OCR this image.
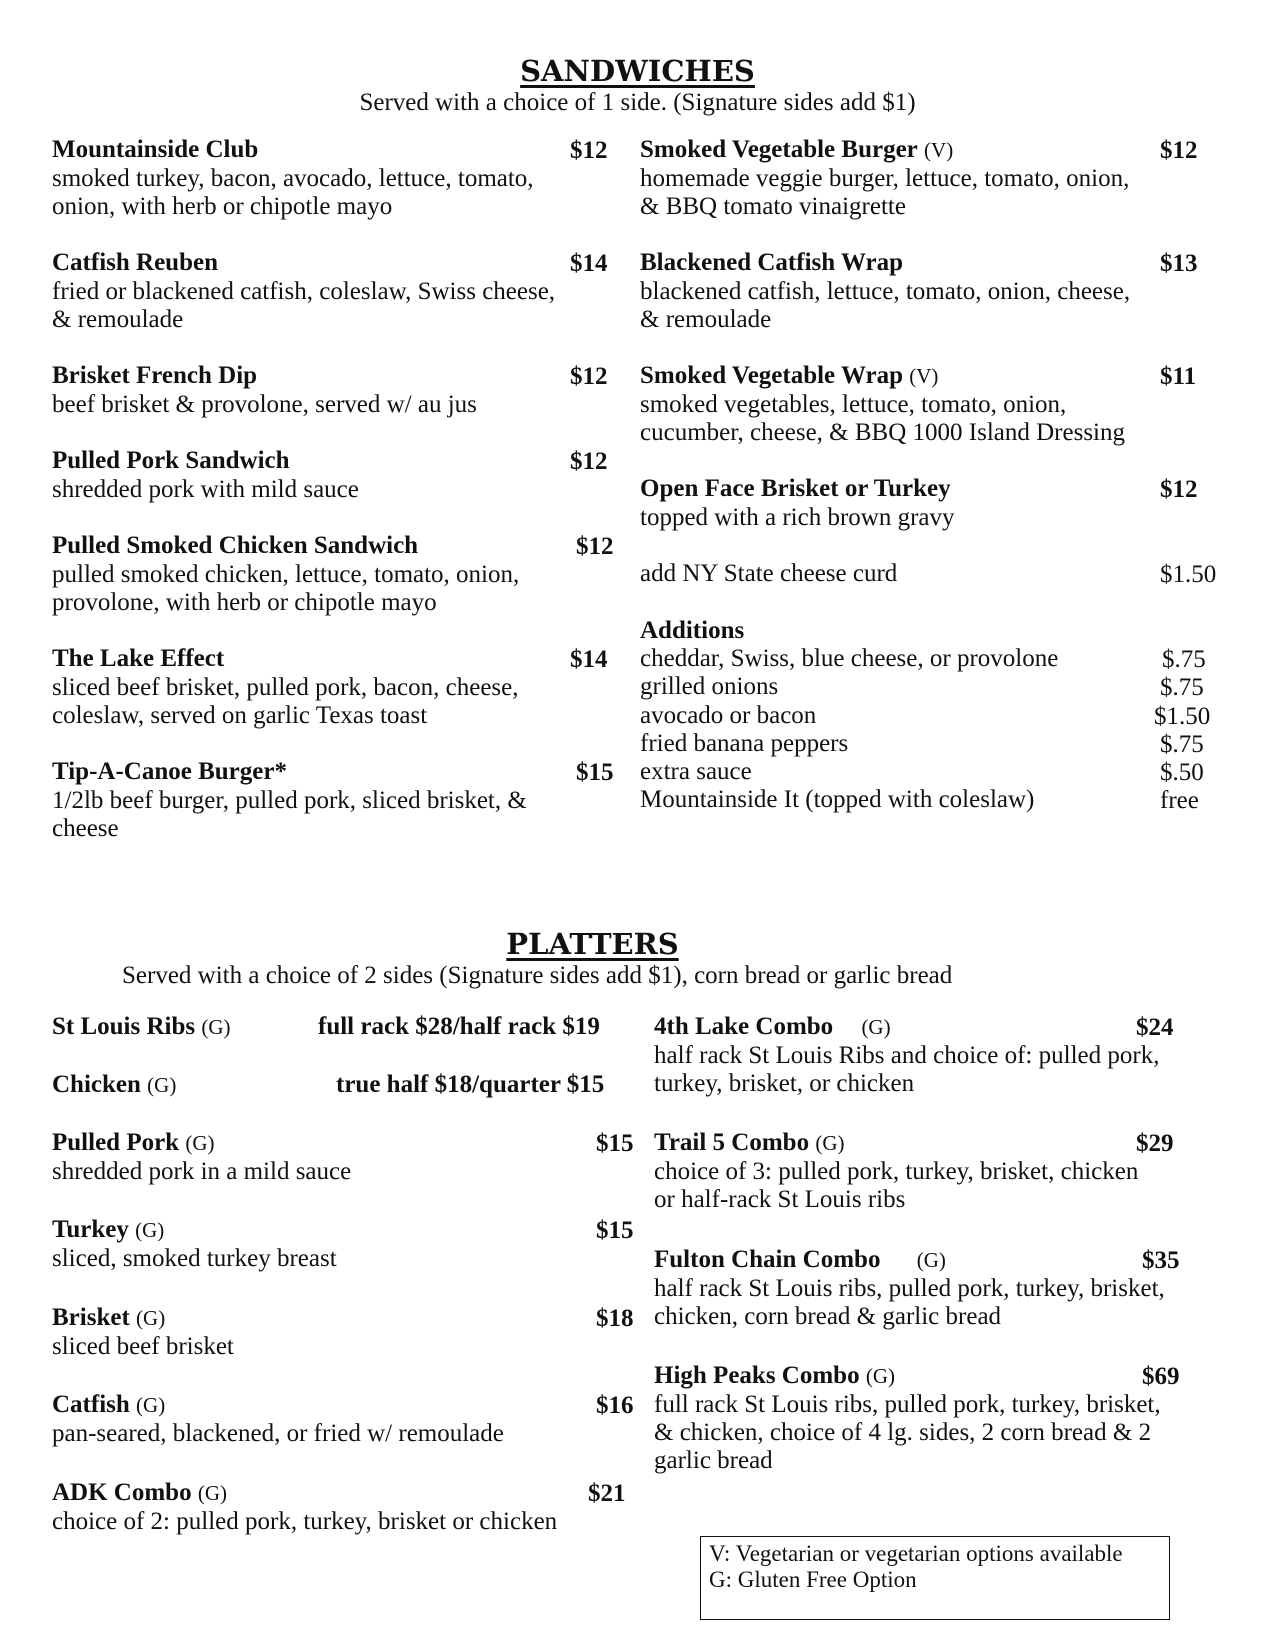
SANDWICHES
Served with a choice of 1 side. (Signature sides add $1)
Mountainside Club	$12
smoked turkey, bacon, avocado, lettuce, tomato,
onion, with herb or chipotle mayo
Catfish Reuben	$14
fried or blackened catfish, coleslaw, Swiss cheese,
& remoulade
Brisket French Dip	$12
beef brisket & provolone, served w/ au jus
Pulled Pork Sandwich	$12
shredded pork with mild sauce
Pulled Smoked Chicken Sandwich	$12
pulled smoked chicken, lettuce, tomato, onion,
provolone, with herb or chipotle mayo
The Lake Effect	$14
sliced beef brisket, pulled pork, bacon, cheese,
coleslaw, served on garlic Texas toast
Tip-A-Canoe Burger*	$15
1/2lb beef burger, pulled pork, sliced brisket, &
cheese
Smoked Vegetable Burger (V)	$12
homemade veggie burger, lettuce, tomato, onion,
& BBQ tomato vinaigrette
Blackened Catfish Wrap	$13
blackened catfish, lettuce, tomato, onion, cheese,
& remoulade
Smoked Vegetable Wrap (V)	$11
smoked vegetables, lettuce, tomato, onion,
cucumber, cheese, & BBQ 1000 Island Dressing
Open Face Brisket or Turkey	$12
topped with a rich brown gravy
add NY State cheese curd	$1.50
Additions
cheddar, Swiss, blue cheese, or provolone	$.75
grilled onions	$.75
avocado or bacon	$1.50
fried banana peppers	$.75
extra sauce	$.50
Mountainside It (topped with coleslaw)	free
PLATTERS
Served with a choice of 2 sides (Signature sides add $1), corn bread or garlic bread
St Louis Ribs (G)	full rack $28/half rack $19
Chicken (G)	true half $18/quarter $15
Pulled Pork (G)	$15
shredded pork in a mild sauce
Turkey (G)	$15
sliced, smoked turkey breast
Brisket (G)	$18
sliced beef brisket
Catfish (G)	$16
pan-seared, blackened, or fried w/ remoulade
ADK Combo (G)	$21
choice of 2: pulled pork, turkey, brisket or chicken
4th Lake Combo (G)	$24
half rack St Louis Ribs and choice of: pulled pork,
turkey, brisket, or chicken
Trail 5 Combo (G)	$29
choice of 3: pulled pork, turkey, brisket, chicken
or half-rack St Louis ribs
Fulton Chain Combo (G)	$35
half rack St Louis ribs, pulled pork, turkey, brisket,
chicken, corn bread & garlic bread
High Peaks Combo (G)	$69
full rack St Louis ribs, pulled pork, turkey, brisket,
& chicken, choice of 4 lg. sides, 2 corn bread & 2
garlic bread
V: Vegetarian or vegetarian options available
G: Gluten Free Option
